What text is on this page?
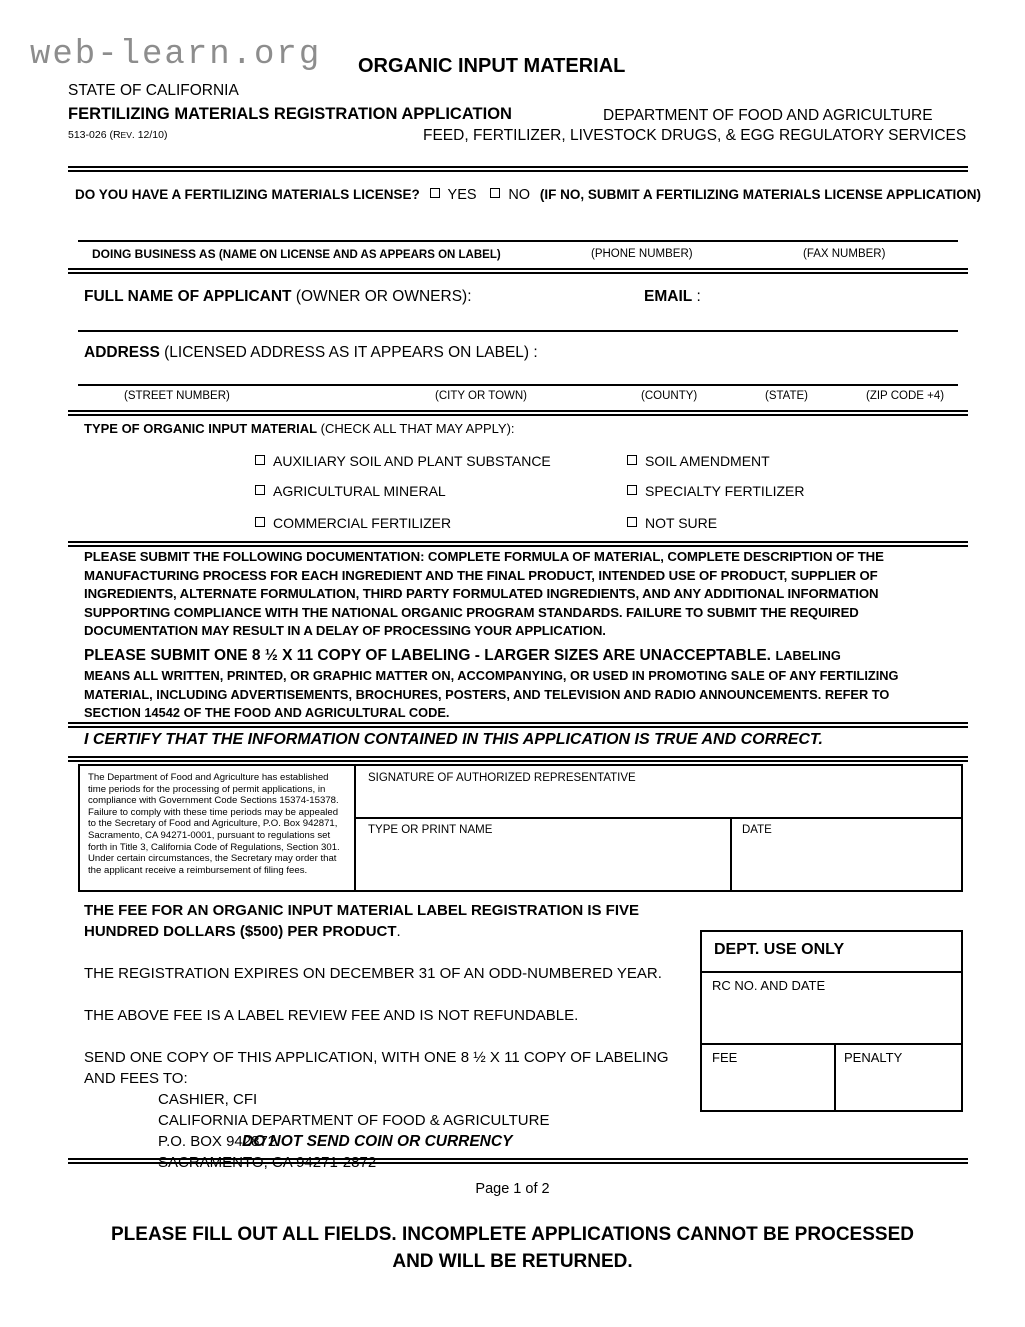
web-learn.org ORGANIC INPUT MATERIAL
STATE OF CALIFORNIA
FERTILIZING MATERIALS REGISTRATION APPLICATION	DEPARTMENT OF FOOD AND AGRICULTURE
513-026 (REV. 12/10)	FEED, FERTILIZER, LIVESTOCK DRUGS, & EGG REGULATORY SERVICES
DO YOU HAVE A FERTILIZING MATERIALS LICENSE? YES NO (IF NO, SUBMIT A FERTILIZING MATERIALS LICENSE APPLICATION)
DOING BUSINESS AS (NAME ON LICENSE AND AS APPEARS ON LABEL)	(PHONE NUMBER)	(FAX NUMBER)
FULL NAME OF APPLICANT (OWNER OR OWNERS):	EMAIL :
ADDRESS (LICENSED ADDRESS AS IT APPEARS ON LABEL) :
(STREET NUMBER)	(CITY OR TOWN)	(COUNTY)	(STATE)	(ZIP CODE +4)
TYPE OF ORGANIC INPUT MATERIAL (CHECK ALL THAT MAY APPLY):
AUXILIARY SOIL AND PLANT SUBSTANCE
AGRICULTURAL MINERAL
COMMERCIAL FERTILIZER
SOIL AMENDMENT
SPECIALTY FERTILIZER
NOT SURE
PLEASE SUBMIT THE FOLLOWING DOCUMENTATION: COMPLETE FORMULA OF MATERIAL, COMPLETE DESCRIPTION OF THE
MANUFACTURING PROCESS FOR EACH INGREDIENT AND THE FINAL PRODUCT, INTENDED USE OF PRODUCT, SUPPLIER OF
INGREDIENTS, ALTERNATE FORMULATION, THIRD PARTY FORMULATED INGREDIENTS, AND ANY ADDITIONAL INFORMATION
SUPPORTING COMPLIANCE WITH THE NATIONAL ORGANIC PROGRAM STANDARDS. FAILURE TO SUBMIT THE REQUIRED
DOCUMENTATION MAY RESULT IN A DELAY OF PROCESSING YOUR APPLICATION.
PLEASE SUBMIT ONE 8 ½ X 11 COPY OF LABELING - LARGER SIZES ARE UNACCEPTABLE. LABELING
MEANS ALL WRITTEN, PRINTED, OR GRAPHIC MATTER ON, ACCOMPANYING, OR USED IN PROMOTING SALE OF ANY FERTILIZING
MATERIAL, INCLUDING ADVERTISEMENTS, BROCHURES, POSTERS, AND TELEVISION AND RADIO ANNOUNCEMENTS. REFER TO
SECTION 14542 OF THE FOOD AND AGRICULTURAL CODE.
I CERTIFY THAT THE INFORMATION CONTAINED IN THIS APPLICATION IS TRUE AND CORRECT.
The Department of Food and Agriculture has established time periods for the processing of permit applications, in compliance with Government Code Sections 15374-15378. Failure to comply with these time periods may be appealed to the Secretary of Food and Agriculture, P.O. Box 942871, Sacramento, CA 94271-0001, pursuant to regulations set forth in Title 3, California Code of Regulations, Section 301. Under certain circumstances, the Secretary may order that the applicant receive a reimbursement of filing fees.
SIGNATURE OF AUTHORIZED REPRESENTATIVE
TYPE OR PRINT NAME	DATE
THE FEE FOR AN ORGANIC INPUT MATERIAL LABEL REGISTRATION IS FIVE
HUNDRED DOLLARS ($500) PER PRODUCT.
THE REGISTRATION EXPIRES ON DECEMBER 31 OF AN ODD-NUMBERED YEAR.
THE ABOVE FEE IS A LABEL REVIEW FEE AND IS NOT REFUNDABLE.
SEND ONE COPY OF THIS APPLICATION, WITH ONE 8 ½ X 11 COPY OF LABELING
AND FEES TO:
CASHIER, CFI
CALIFORNIA DEPARTMENT OF FOOD & AGRICULTURE
P.O. BOX 942872
SACRAMENTO, CA 94271-2872
DO NOT SEND COIN OR CURRENCY
DEPT. USE ONLY
RC NO. AND DATE
FEE	PENALTY
Page 1 of 2
PLEASE FILL OUT ALL FIELDS. INCOMPLETE APPLICATIONS CANNOT BE PROCESSED
AND WILL BE RETURNED.
